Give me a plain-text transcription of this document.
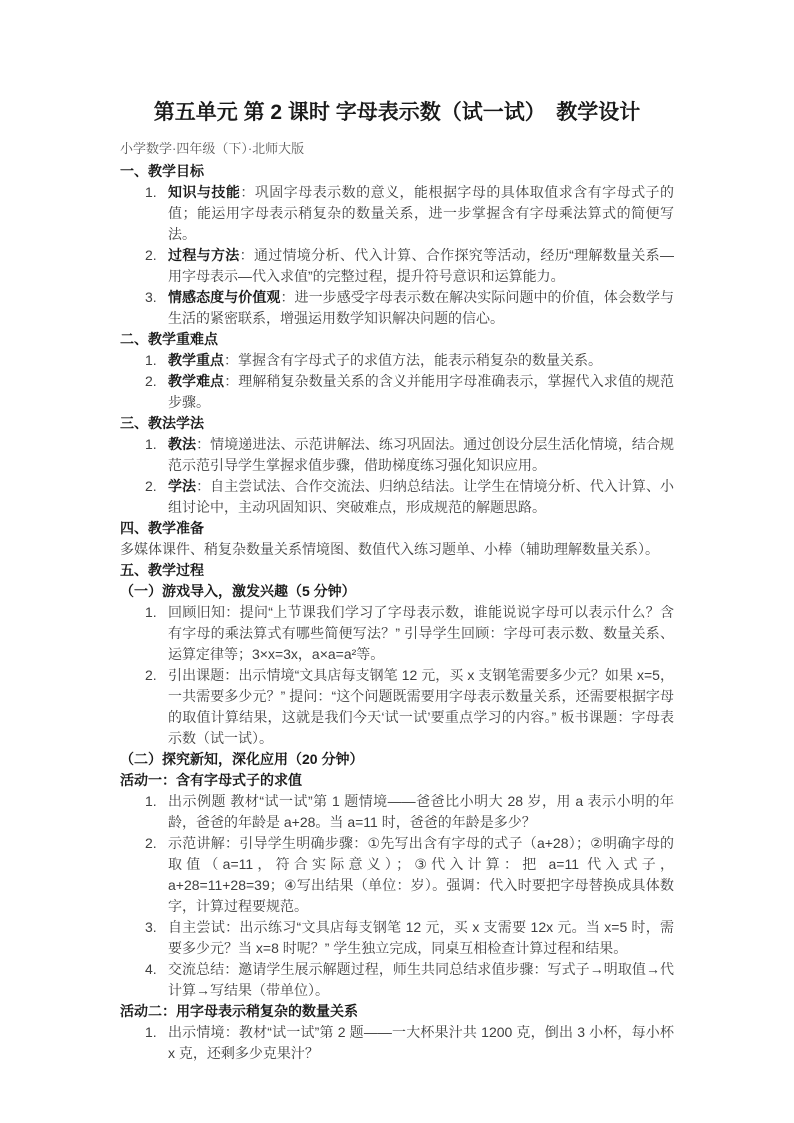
第五单元 第 2 课时 字母表示数（试一试）　教学设计
小学数学·四年级（下）·北师大版
一、教学目标
1. 知识与技能：巩固字母表示数的意义，能根据字母的具体取值求含有字母式子的值；能运用字母表示稍复杂的数量关系，进一步掌握含有字母乘法算式的简便写法。
2. 过程与方法：通过情境分析、代入计算、合作探究等活动，经历“理解数量关系—用字母表示—代入求值”的完整过程，提升符号意识和运算能力。
3. 情感态度与价值观：进一步感受字母表示数在解决实际问题中的价值，体会数学与生活的紧密联系，增强运用数学知识解决问题的信心。
二、教学重难点
1. 教学重点：掌握含有字母式子的求值方法，能表示稍复杂的数量关系。
2. 教学难点：理解稍复杂数量关系的含义并能用字母准确表示，掌握代入求值的规范步骤。
三、教法学法
1. 教法：情境递进法、示范讲解法、练习巩固法。通过创设分层生活化情境，结合规范示范引导学生掌握求值步骤，借助梯度练习强化知识应用。
2. 学法：自主尝试法、合作交流法、归纳总结法。让学生在情境分析、代入计算、小组讨论中，主动巩固知识、突破难点，形成规范的解题思路。
四、教学准备
多媒体课件、稍复杂数量关系情境图、数值代入练习题单、小棒（辅助理解数量关系）。
五、教学过程
（一）游戏导入，激发兴趣（5 分钟）
1. 回顾旧知：提问“上节课我们学习了字母表示数，谁能说说字母可以表示什么？含有字母的乘法算式有哪些简便写法？” 引导学生回顾：字母可表示数、数量关系、运算定律等；3×x=3x，a×a=a²等。
2. 引出课题：出示情境“文具店每支钢笔 12 元，买 x 支钢笔需要多少元？如果 x=5，一共需要多少元？” 提问：“这个问题既需要用字母表示数量关系，还需要根据字母的取值计算结果，这就是我们今天‘试一试’要重点学习的内容。” 板书课题：字母表示数（试一试）。
（二）探究新知，深化应用（20 分钟）
活动一：含有字母式子的求值
1. 出示例题 教材“试一试”第 1 题情境——爸爸比小明大 28 岁，用 a 表示小明的年龄，爸爸的年龄是 a+28。当 a=11 时，爸爸的年龄是多少？
2. 示范讲解：引导学生明确步骤：①先写出含有字母的式子（a+28）；②明确字母的取值（a=11，符合实际意义）；③代入计算：把 a=11 代入式子，a+28=11+28=39；④写出结果（单位：岁）。强调：代入时要把字母替换成具体数字，计算过程要规范。
3. 自主尝试：出示练习“文具店每支钢笔 12 元，买 x 支需要 12x 元。当 x=5 时，需要多少元？当 x=8 时呢？” 学生独立完成，同桌互相检查计算过程和结果。
4. 交流总结：邀请学生展示解题过程，师生共同总结求值步骤：写式子→明取值→代计算→写结果（带单位）。
活动二：用字母表示稍复杂的数量关系
1. 出示情境：教材“试一试”第 2 题——一大杯果汁共 1200 克，倒出 3 小杯，每小杯 x 克，还剩多少克果汁？
